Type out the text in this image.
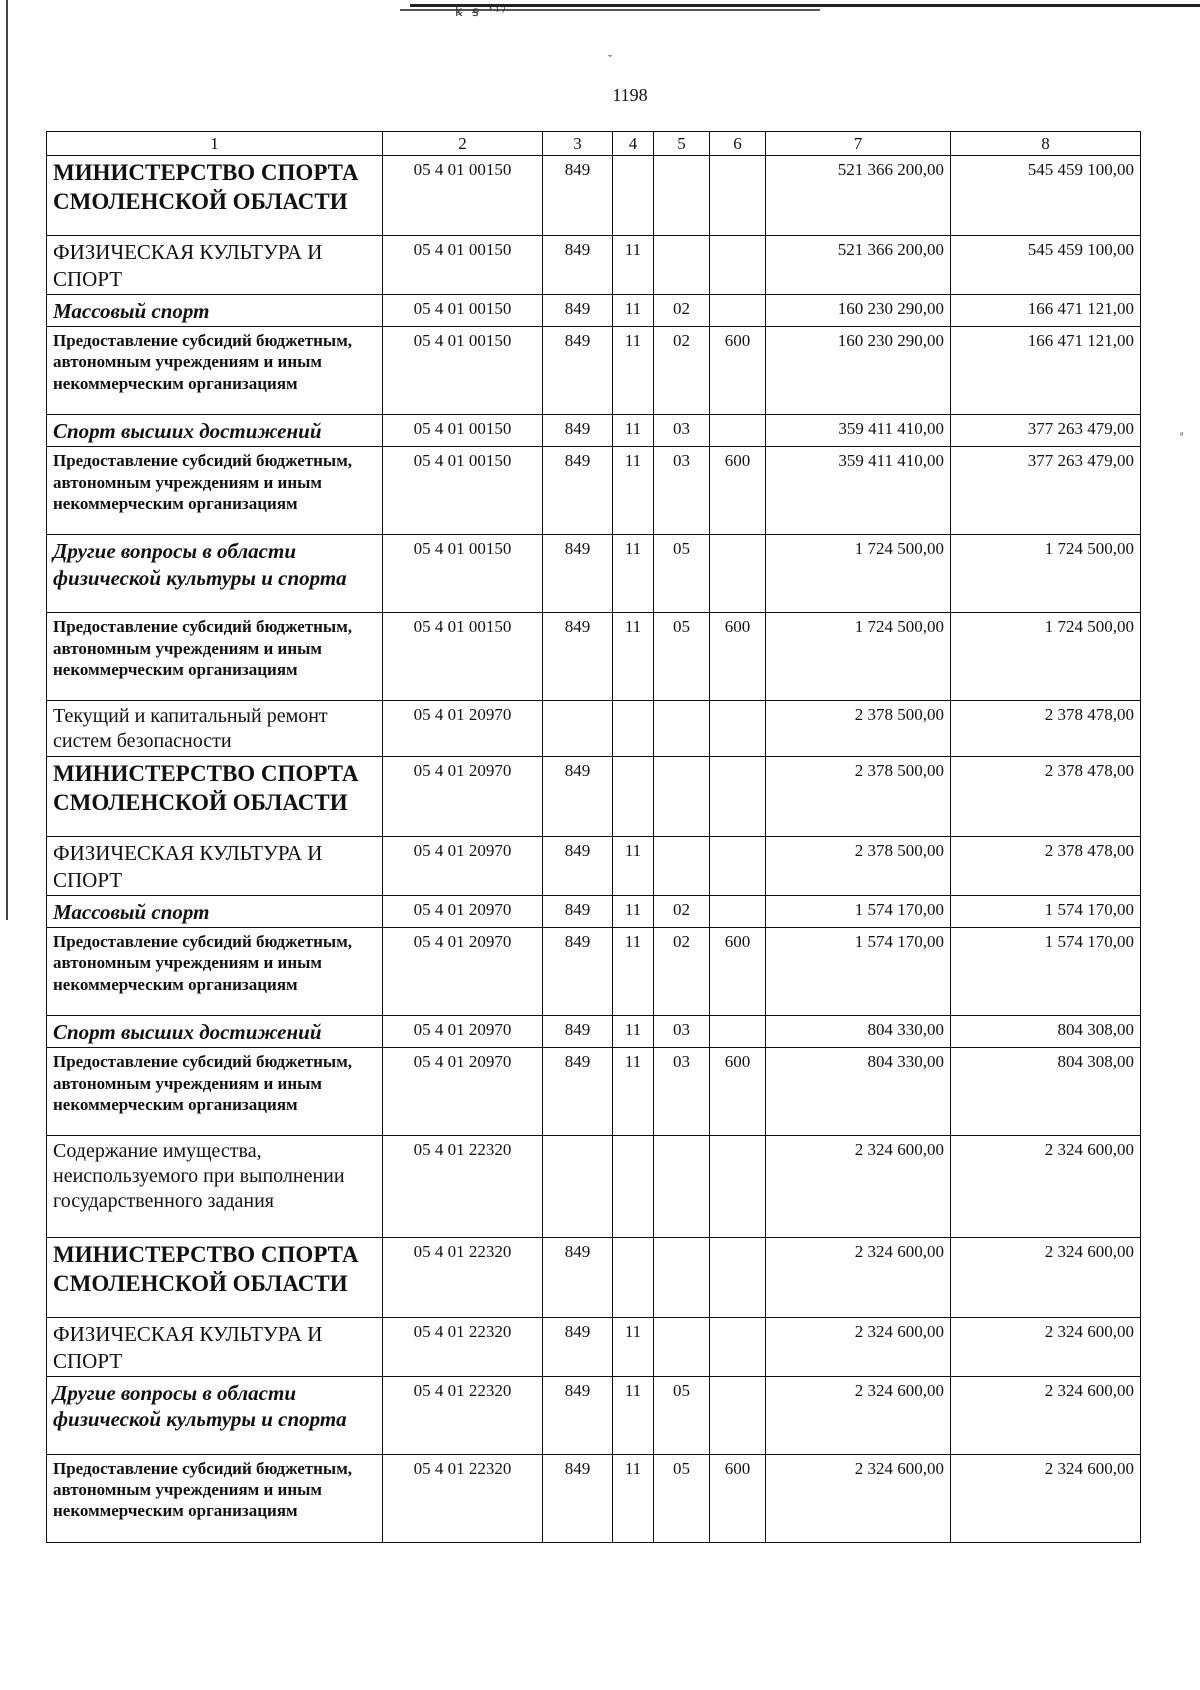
ꝃ ꞩ ʼⁱˀ
ˇ
ᵃ
1198
1	2	3	4	5	6	7	8
МИНИСТЕРСТВО СПОРТА СМОЛЕНСКОЙ ОБЛАСТИ	05 4 01 00150	849				521 366 200,00	545 459 100,00
ФИЗИЧЕСКАЯ КУЛЬТУРА И СПОРТ	05 4 01 00150	849	11			521 366 200,00	545 459 100,00
Массовый спорт	05 4 01 00150	849	11	02		160 230 290,00	166 471 121,00
Предоставление субсидий бюджетным, автономным учреждениям и иным некоммерческим организациям	05 4 01 00150	849	11	02	600	160 230 290,00	166 471 121,00
Спорт высших достижений	05 4 01 00150	849	11	03		359 411 410,00	377 263 479,00
Предоставление субсидий бюджетным, автономным учреждениям и иным некоммерческим организациям	05 4 01 00150	849	11	03	600	359 411 410,00	377 263 479,00
Другие вопросы в области физической культуры и спорта	05 4 01 00150	849	11	05		1 724 500,00	1 724 500,00
Предоставление субсидий бюджетным, автономным учреждениям и иным некоммерческим организациям	05 4 01 00150	849	11	05	600	1 724 500,00	1 724 500,00
Текущий и капитальный ремонт систем безопасности	05 4 01 20970					2 378 500,00	2 378 478,00
МИНИСТЕРСТВО СПОРТА СМОЛЕНСКОЙ ОБЛАСТИ	05 4 01 20970	849				2 378 500,00	2 378 478,00
ФИЗИЧЕСКАЯ КУЛЬТУРА И СПОРТ	05 4 01 20970	849	11			2 378 500,00	2 378 478,00
Массовый спорт	05 4 01 20970	849	11	02		1 574 170,00	1 574 170,00
Предоставление субсидий бюджетным, автономным учреждениям и иным некоммерческим организациям	05 4 01 20970	849	11	02	600	1 574 170,00	1 574 170,00
Спорт высших достижений	05 4 01 20970	849	11	03		804 330,00	804 308,00
Предоставление субсидий бюджетным, автономным учреждениям и иным некоммерческим организациям	05 4 01 20970	849	11	03	600	804 330,00	804 308,00
Содержание имущества, неиспользуемого при выполнении государственного задания	05 4 01 22320					2 324 600,00	2 324 600,00
МИНИСТЕРСТВО СПОРТА СМОЛЕНСКОЙ ОБЛАСТИ	05 4 01 22320	849				2 324 600,00	2 324 600,00
ФИЗИЧЕСКАЯ КУЛЬТУРА И СПОРТ	05 4 01 22320	849	11			2 324 600,00	2 324 600,00
Другие вопросы в области физической культуры и спорта	05 4 01 22320	849	11	05		2 324 600,00	2 324 600,00
Предоставление субсидий бюджетным, автономным учреждениям и иным некоммерческим организациям	05 4 01 22320	849	11	05	600	2 324 600,00	2 324 600,00
